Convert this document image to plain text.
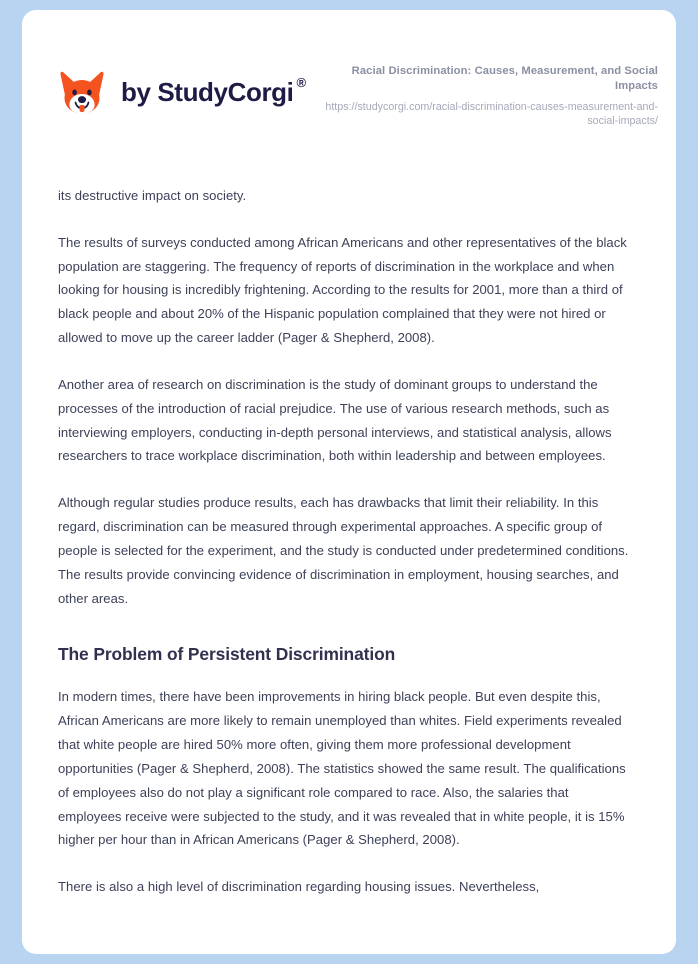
by StudyCorgi ®
Racial Discrimination: Causes, Measurement, and Social Impacts
https://studycorgi.com/racial-discrimination-causes-measurement-and-social-impacts/

its destructive impact on society.

The results of surveys conducted among African Americans and other representatives of the black population are staggering. The frequency of reports of discrimination in the workplace and when looking for housing is incredibly frightening. According to the results for 2001, more than a third of black people and about 20% of the Hispanic population complained that they were not hired or allowed to move up the career ladder (Pager & Shepherd, 2008).

Another area of research on discrimination is the study of dominant groups to understand the processes of the introduction of racial prejudice. The use of various research methods, such as interviewing employers, conducting in-depth personal interviews, and statistical analysis, allows researchers to trace workplace discrimination, both within leadership and between employees.

Although regular studies produce results, each has drawbacks that limit their reliability. In this regard, discrimination can be measured through experimental approaches. A specific group of people is selected for the experiment, and the study is conducted under predetermined conditions. The results provide convincing evidence of discrimination in employment, housing searches, and other areas.

The Problem of Persistent Discrimination

In modern times, there have been improvements in hiring black people. But even despite this, African Americans are more likely to remain unemployed than whites. Field experiments revealed that white people are hired 50% more often, giving them more professional development opportunities (Pager & Shepherd, 2008). The statistics showed the same result. The qualifications of employees also do not play a significant role compared to race. Also, the salaries that employees receive were subjected to the study, and it was revealed that in white people, it is 15% higher per hour than in African Americans (Pager & Shepherd, 2008).

There is also a high level of discrimination regarding housing issues. Nevertheless,
